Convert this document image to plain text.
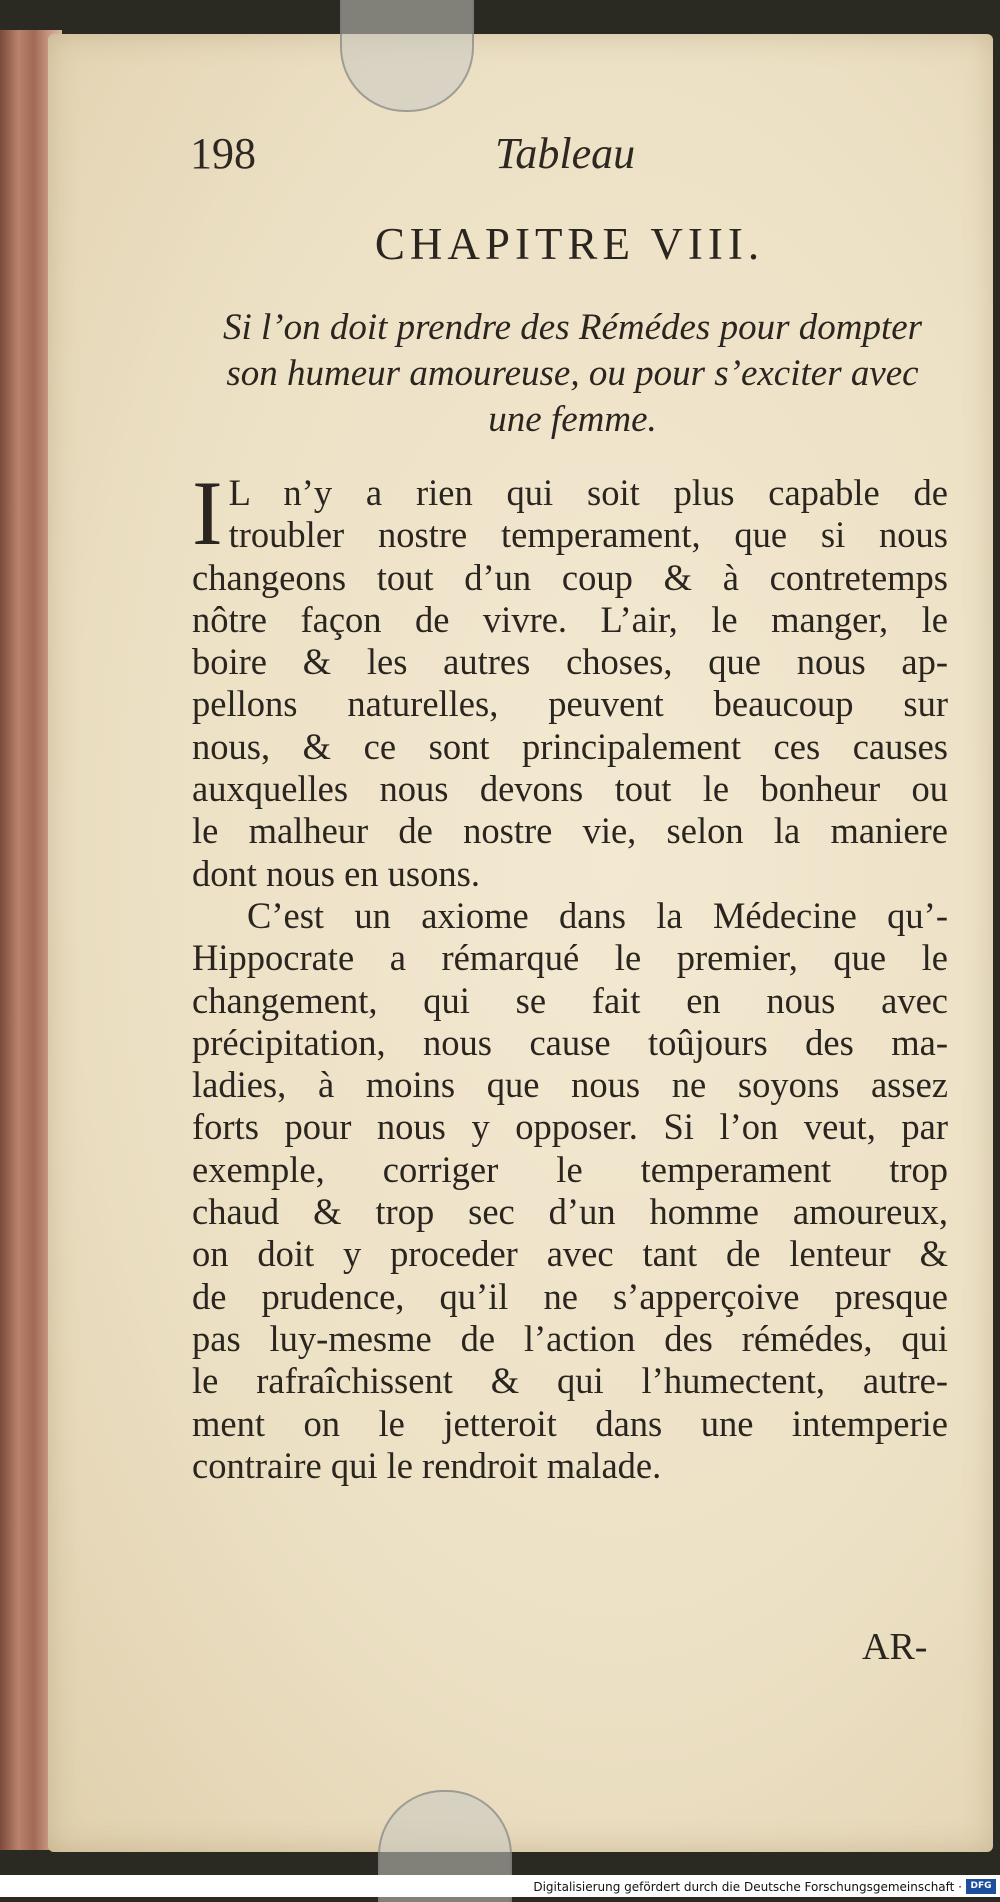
198	Tableau
CHAPITRE VIII.
Si l’on doit prendre des Rémédes pour dompter son humeur amoureuse, ou pour s’exciter avec une femme.
I L n’y a rien qui soit plus capable de
troubler nostre temperament, que si nous
changeons tout d’un coup & à contretemps
nôtre façon de vivre. L’air, le manger, le
boire & les autres choses, que nous ap-
pellons naturelles, peuvent beaucoup sur
nous, & ce sont principalement ces causes
auxquelles nous devons tout le bonheur ou
le malheur de nostre vie, selon la maniere
dont nous en usons.
C’est un axiome dans la Médecine qu’-
Hippocrate a rémarqué le premier, que le
changement, qui se fait en nous avec
précipitation, nous cause toûjours des ma-
ladies, à moins que nous ne soyons assez
forts pour nous y opposer. Si l’on veut, par
exemple, corriger le temperament trop
chaud & trop sec d’un homme amoureux,
on doit y proceder avec tant de lenteur &
de prudence, qu’il ne s’apperçoive presque
pas luy-mesme de l’action des rémédes, qui
le rafraîchissent & qui l’humectent, autre-
ment on le jetteroit dans une intemperie
contraire qui le rendroit malade.
AR-
Digitalisierung gefördert durch die Deutsche Forschungsgemeinschaft · DFG
